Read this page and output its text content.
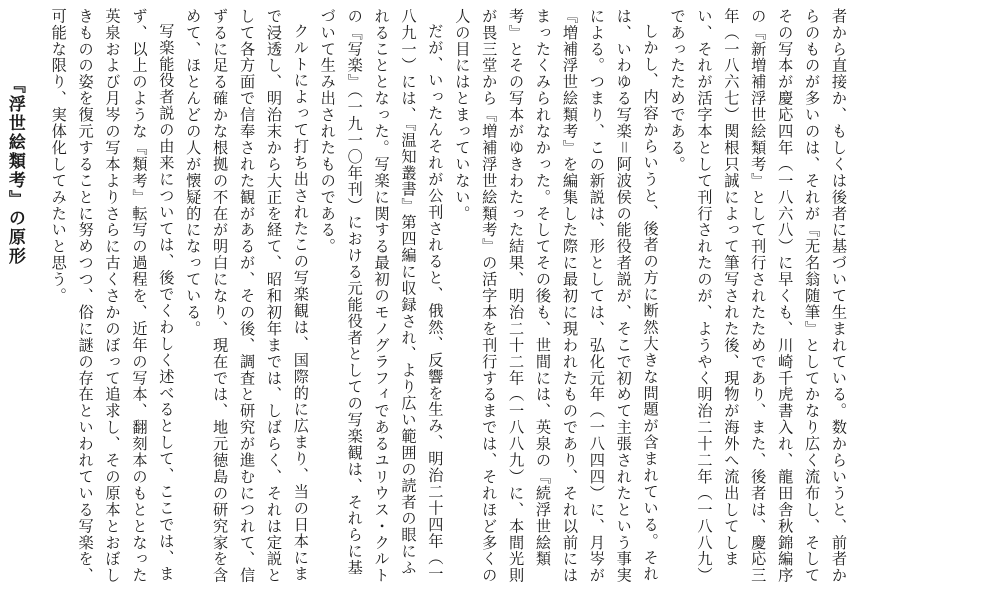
者から直接か、もしくは後者に基づいて生まれている。数からいうと、前者からのものが多いのは、それが『无名翁随筆』としてかなり広く流布し、そしてその写本が慶応四年（一八六八）に早くも、川崎千虎書入れ、龍田舎秋錦編序の『新増補浮世絵類考』として刊行されたためであり、また、後者は、慶応三年（一八六七）関根只誠によって筆写された後、現物が海外へ流出してしまい、それが活字本として刊行されたのが、ようやく明治二十二年（一八八九）であったためである。

しかし、内容からいうと、後者の方に断然大きな問題が含まれている。それは、いわゆる写楽＝阿波侯の能役者説が、そこで初めて主張されたという事実による。つまり、この新説は、形としては、弘化元年（一八四四）に、月岑が『増補浮世絵類考』を編集した際に最初に現われたものであり、それ以前にはまったくみられなかった。そしてその後も、世間には、英泉の『続浮世絵類考』とその写本がゆきわたった結果、明治二十二年（一八八九）に、本間光則が畏三堂から『増補浮世絵類考』の活字本を刊行するまでは、それほど多くの人の目にはとまっていない。

だが、いったんそれが公刊されると、俄然、反響を生み、明治二十四年（一八九一）には、『温知叢書』第四編に収録され、より広い範囲の読者の眼にふれることとなった。写楽に関する最初のモノグラフィであるユリウス・クルトの『写楽』（一九一〇年刊）における元能役者としての写楽観は、それらに基づいて生み出されたものである。

クルトによって打ち出されたこの写楽観は、国際的に広まり、当の日本にまで浸透し、明治末から大正を経て、昭和初年までは、しばらく、それは定説として各方面で信奉された観があるが、その後、調査と研究が進むにつれて、信ずるに足る確かな根拠の不在が明白になり、現在では、地元徳島の研究家を含めて、ほとんどの人が懐疑的になっている。

写楽能役者説の由来については、後でくわしく述べるとして、ここでは、まず、以上のような『類考』転写の過程を、近年の写本、翻刻本のもととなった英泉および月岑の写本よりさらに古くさかのぼって追求し、その原本とおぼしきものの姿を復元することに努めつつ、俗に謎の存在といわれている写楽を、可能な限り、実体化してみたいと思う。

『浮世絵類考』の原形
